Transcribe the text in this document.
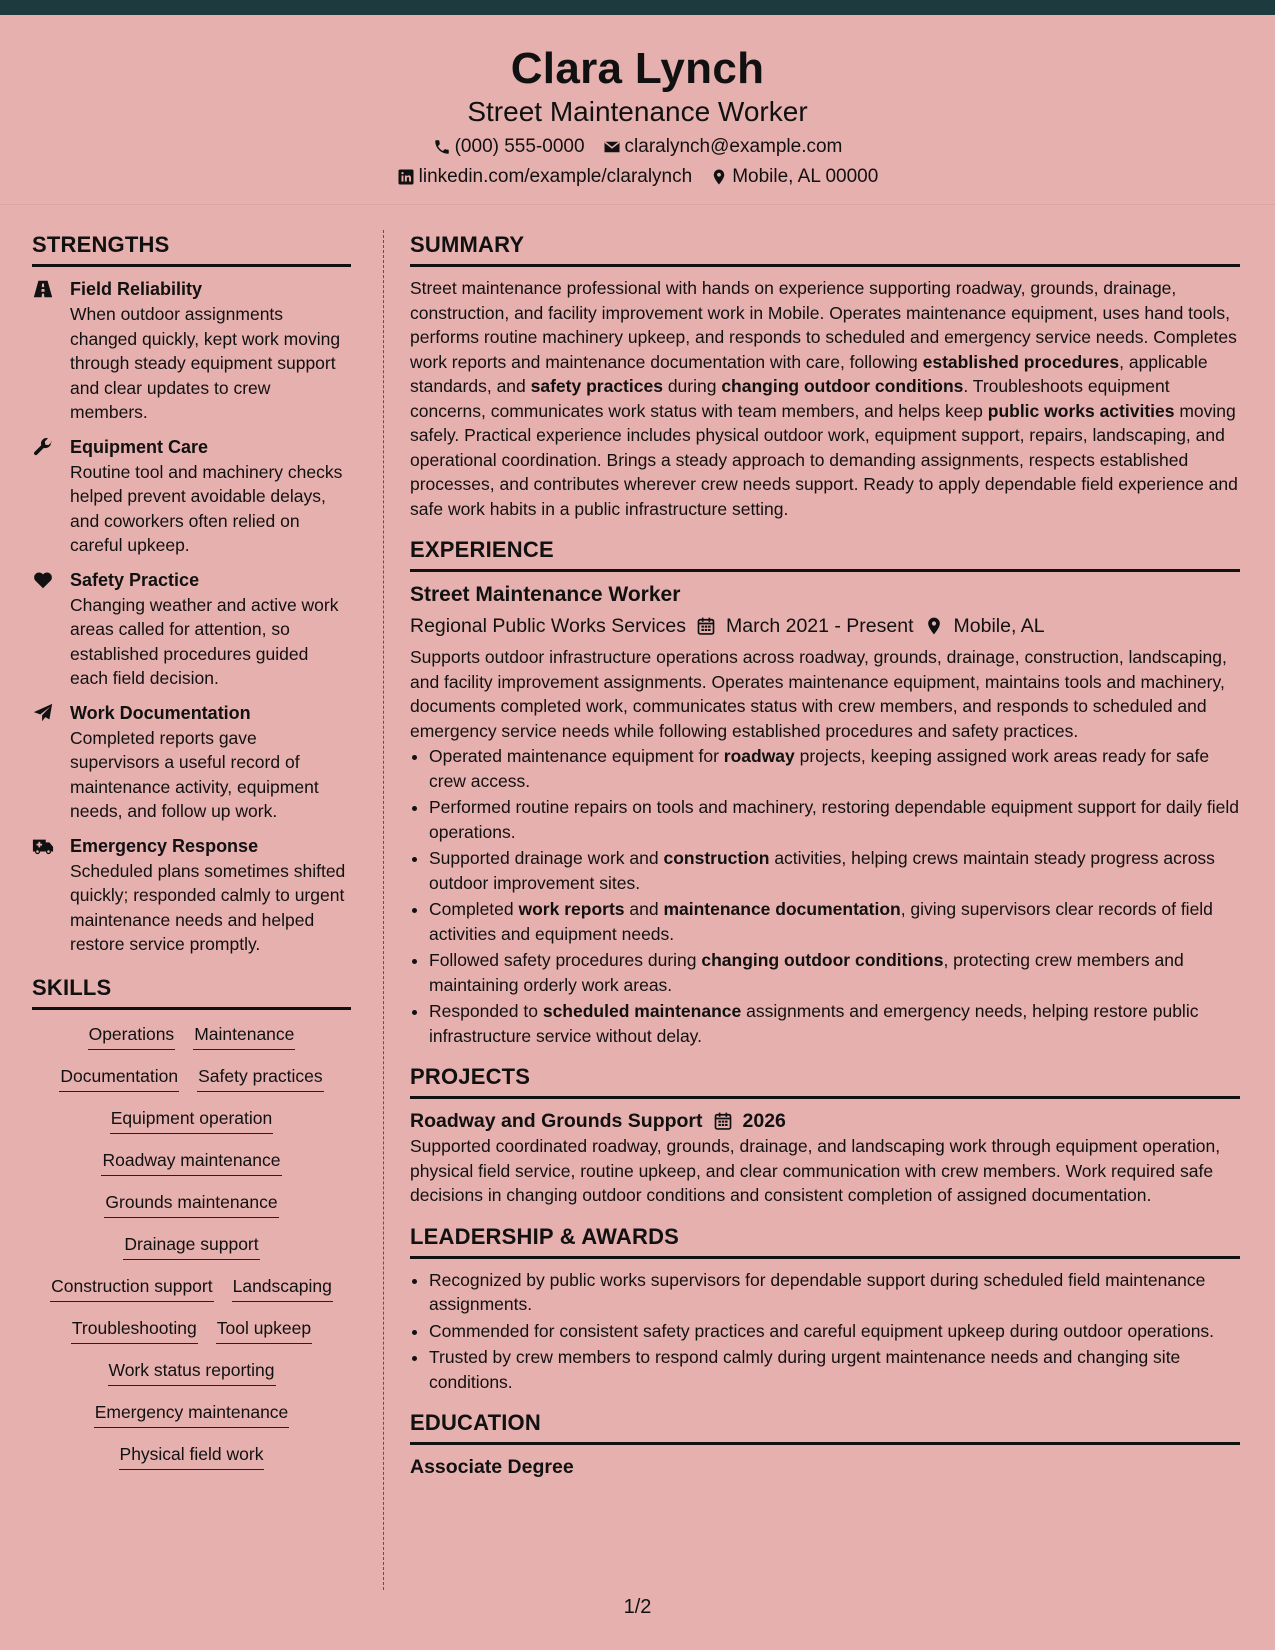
Clara Lynch
Street Maintenance Worker
(000) 555-0000 claralynch@example.com
linkedin.com/example/claralynch Mobile, AL 00000
STRENGTHS
Field Reliability
When outdoor assignments changed quickly, kept work moving through steady equipment support and clear updates to crew members.
Equipment Care
Routine tool and machinery checks helped prevent avoidable delays, and coworkers often relied on careful upkeep.
Safety Practice
Changing weather and active work areas called for attention, so established procedures guided each field decision.
Work Documentation
Completed reports gave supervisors a useful record of maintenance activity, equipment needs, and follow up work.
Emergency Response
Scheduled plans sometimes shifted quickly; responded calmly to urgent maintenance needs and helped restore service promptly.
SKILLS
Operations Maintenance
Documentation Safety practices
Equipment operation
Roadway maintenance
Grounds maintenance
Drainage support
Construction support Landscaping
Troubleshooting Tool upkeep
Work status reporting
Emergency maintenance
Physical field work
SUMMARY

Street maintenance professional with hands on experience supporting roadway, grounds, drainage, construction, and facility improvement work in Mobile. Operates maintenance equipment, uses hand tools, performs routine machinery upkeep, and responds to scheduled and emergency service needs. Completes work reports and maintenance documentation with care, following established procedures, applicable standards, and safety practices during changing outdoor conditions. Troubleshoots equipment concerns, communicates work status with team members, and helps keep public works activities moving safely. Practical experience includes physical outdoor work, equipment support, repairs, landscaping, and operational coordination. Brings a steady approach to demanding assignments, respects established processes, and contributes wherever crew needs support. Ready to apply dependable field experience and safe work habits in a public infrastructure setting.

EXPERIENCE
Street Maintenance Worker
Regional Public Works Services March 2021 - Present Mobile, AL

Supports outdoor infrastructure operations across roadway, grounds, drainage, construction, landscaping, and facility improvement assignments. Operates maintenance equipment, maintains tools and machinery, documents completed work, communicates status with crew members, and responds to scheduled and emergency service needs while following established procedures and safety practices.

• Operated maintenance equipment for roadway projects, keeping assigned work areas ready for safe crew access.
• Performed routine repairs on tools and machinery, restoring dependable equipment support for daily field operations.
• Supported drainage work and construction activities, helping crews maintain steady progress across outdoor improvement sites.
• Completed work reports and maintenance documentation, giving supervisors clear records of field activities and equipment needs.
• Followed safety procedures during changing outdoor conditions, protecting crew members and maintaining orderly work areas.
• Responded to scheduled maintenance assignments and emergency needs, helping restore public infrastructure service without delay.
PROJECTS
Roadway and Grounds Support 2026

Supported coordinated roadway, grounds, drainage, and landscaping work through equipment operation, physical field service, routine upkeep, and clear communication with crew members. Work required safe decisions in changing outdoor conditions and consistent completion of assigned documentation.

LEADERSHIP & AWARDS
• Recognized by public works supervisors for dependable support during scheduled field maintenance assignments.
• Commended for consistent safety practices and careful equipment upkeep during outdoor operations.
• Trusted by crew members to respond calmly during urgent maintenance needs and changing site conditions.
EDUCATION
Associate Degree
1/2
